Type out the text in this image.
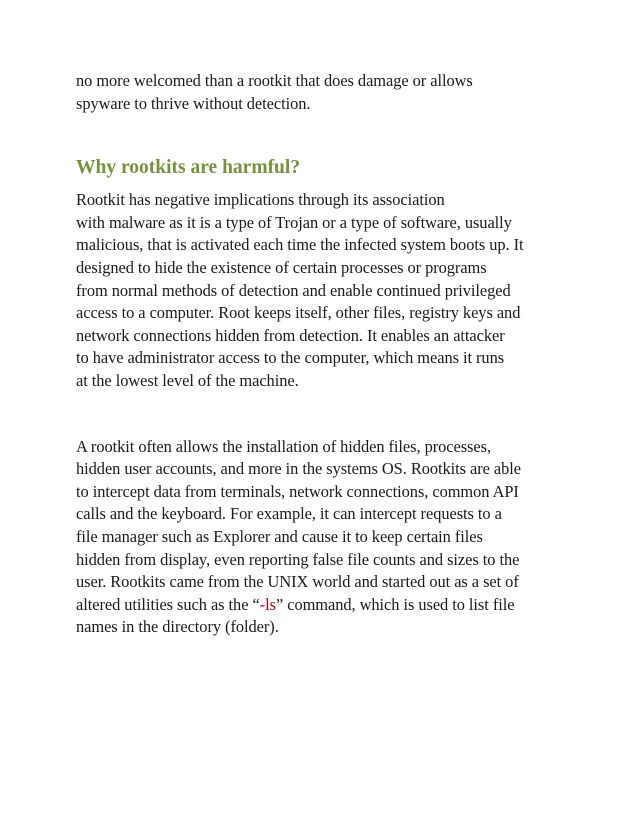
no more welcomed than a rootkit that does damage or allows
spyware to thrive without detection.

Why rootkits are harmful?

Rootkit has negative implications through its association
with malware as it is a type of Trojan or a type of software, usually
malicious, that is activated each time the infected system boots up. It
designed to hide the existence of certain processes or programs
from normal methods of detection and enable continued privileged
access to a computer. Root keeps itself, other files, registry keys and
network connections hidden from detection. It enables an attacker
to have administrator access to the computer, which means it runs
at the lowest level of the machine.

A rootkit often allows the installation of hidden files, processes,
hidden user accounts, and more in the systems OS. Rootkits are able
to intercept data from terminals, network connections, common API
calls and the keyboard. For example, it can intercept requests to a
file manager such as Explorer and cause it to keep certain files
hidden from display, even reporting false file counts and sizes to the
user. Rootkits came from the UNIX world and started out as a set of
altered utilities such as the “-ls” command, which is used to list file
names in the directory (folder).
